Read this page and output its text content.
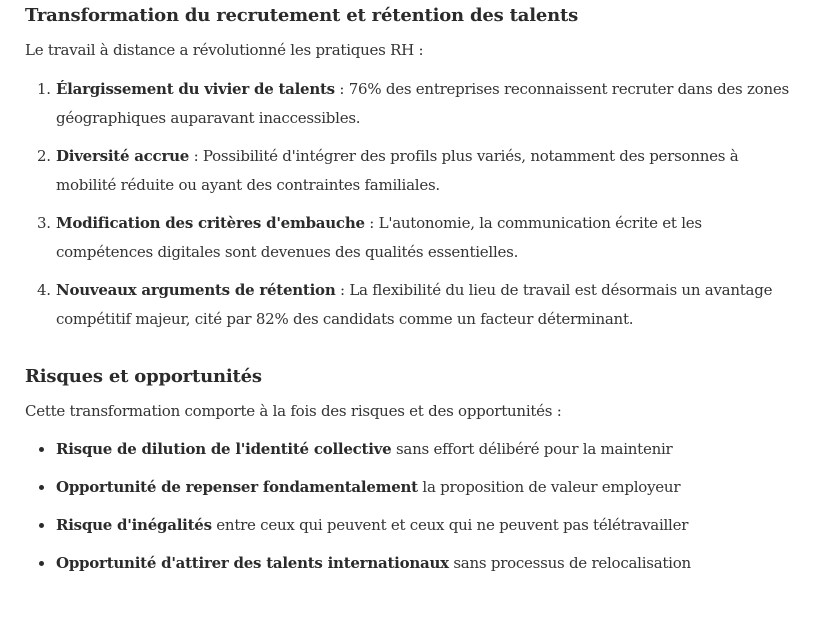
Transformation du recrutement et rétention des talents

Le travail à distance a révolutionné les pratiques RH :

1. Élargissement du vivier de talents : 76% des entreprises reconnaissent recruter dans des zones géographiques auparavant inaccessibles.
2. Diversité accrue : Possibilité d'intégrer des profils plus variés, notamment des personnes à mobilité réduite ou ayant des contraintes familiales.
3. Modification des critères d'embauche : L'autonomie, la communication écrite et les compétences digitales sont devenues des qualités essentielles.
4. Nouveaux arguments de rétention : La flexibilité du lieu de travail est désormais un avantage compétitif majeur, cité par 82% des candidats comme un facteur déterminant.
Risques et opportunités

Cette transformation comporte à la fois des risques et des opportunités :

Risque de dilution de l'identité collective sans effort délibéré pour la maintenir
Opportunité de repenser fondamentalement la proposition de valeur employeur
Risque d'inégalités entre ceux qui peuvent et ceux qui ne peuvent pas télétravailler
Opportunité d'attirer des talents internationaux sans processus de relocalisation
